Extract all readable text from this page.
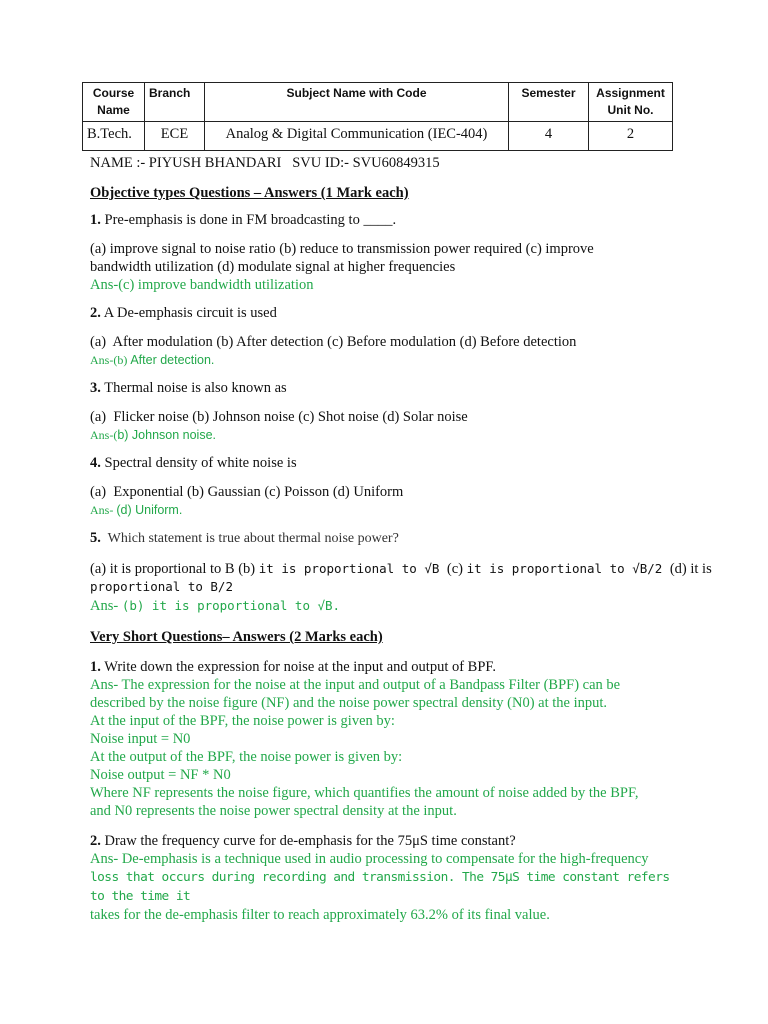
Course Name	Branch	Subject Name with Code	Semester	Assignment Unit No.
B.Tech.	ECE	Analog & Digital Communication (IEC-404)	4	2
NAME :- PIYUSH BHANDARI   SVU ID:- SVU60849315
Objective types Questions – Answers (1 Mark each)
1. Pre-emphasis is done in FM broadcasting to ____.
(a) improve signal to noise ratio (b) reduce to transmission power required (c) improve
bandwidth utilization (d) modulate signal at higher frequencies
Ans-(c) improve bandwidth utilization
2. A De-emphasis circuit is used
(a)  After modulation (b) After detection (c) Before modulation (d) Before detection
Ans-(b) After detection.
3. Thermal noise is also known as
(a)  Flicker noise (b) Johnson noise (c) Shot noise (d) Solar noise
Ans-(b) Johnson noise.
4. Spectral density of white noise is
(a)  Exponential (b) Gaussian (c) Poisson (d) Uniform
Ans- (d) Uniform.
5.  Which statement is true about thermal noise power?
(a) it is proportional to B (b) it is proportional to √B (c) it is proportional to √B/2 (d) it is
proportional to B/2
Ans- (b) it is proportional to √B.
Very Short Questions– Answers (2 Marks each)
1. Write down the expression for noise at the input and output of BPF.
Ans- The expression for the noise at the input and output of a Bandpass Filter (BPF) can be
described by the noise figure (NF) and the noise power spectral density (N0) at the input.
At the input of the BPF, the noise power is given by:
Noise input = N0
At the output of the BPF, the noise power is given by:
Noise output = NF * N0
Where NF represents the noise figure, which quantifies the amount of noise added by the BPF,
and N0 represents the noise power spectral density at the input.
2. Draw the frequency curve for de-emphasis for the 75μS time constant?
Ans- De-emphasis is a technique used in audio processing to compensate for the high-frequency
loss that occurs during recording and transmission. The 75μS time constant refers to the time it
takes for the de-emphasis filter to reach approximately 63.2% of its final value.
